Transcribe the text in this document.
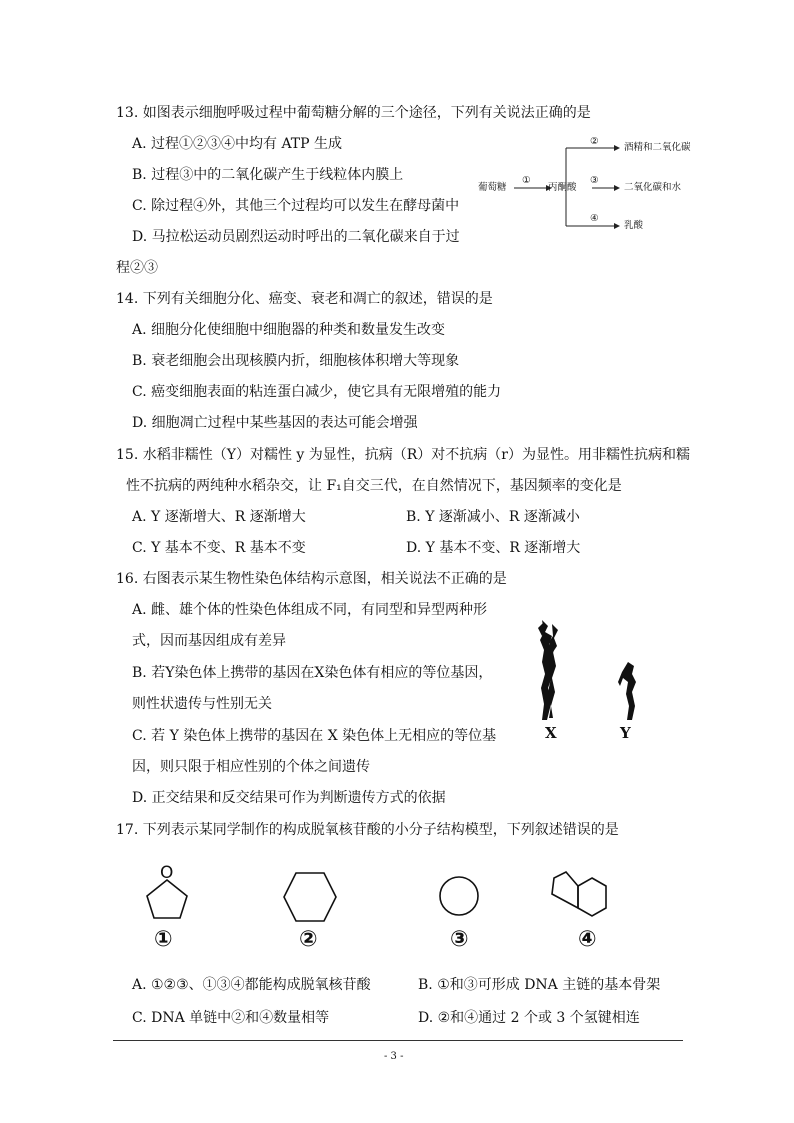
13. 如图表示细胞呼吸过程中葡萄糖分解的三个途径，下列有关说法正确的是
A. 过程①②③④中均有 ATP 生成
B. 过程③中的二氧化碳产生于线粒体内膜上
C. 除过程④外，其他三个过程均可以发生在酵母菌中
D. 马拉松运动员剧烈运动时呼出的二氧化碳来自于过
程②③
葡萄糖	丙酮酸
①
②
③
④
酒精和二氧化碳
二氧化碳和水
乳酸
14. 下列有关细胞分化、癌变、衰老和凋亡的叙述，错误的是
A. 细胞分化使细胞中细胞器的种类和数量发生改变
B. 衰老细胞会出现核膜内折，细胞核体积增大等现象
C. 癌变细胞表面的粘连蛋白减少，使它具有无限增殖的能力
D. 细胞凋亡过程中某些基因的表达可能会增强
15. 水稻非糯性（Y）对糯性 y 为显性，抗病（R）对不抗病（r）为显性。用非糯性抗病和糯
性不抗病的两纯种水稻杂交，让 F₁自交三代，在自然情况下，基因频率的变化是
A. Y 逐渐增大、R 逐渐增大	B. Y 逐渐减小、R 逐渐减小
C. Y 基本不变、R 基本不变	D. Y 基本不变、R 逐渐增大
16. 右图表示某生物性染色体结构示意图，相关说法不正确的是
A. 雌、雄个体的性染色体组成不同，有同型和异型两种形
式，因而基因组成有差异
B. 若Y染色体上携带的基因在X染色体有相应的等位基因，
则性状遗传与性别无关
C. 若 Y 染色体上携带的基因在 X 染色体上无相应的等位基
因，则只限于相应性别的个体之间遗传
D. 正交结果和反交结果可作为判断遗传方式的依据
X	Y
17. 下列表示某同学制作的构成脱氧核苷酸的小分子结构模型，下列叙述错误的是
O
①	②	③	④
A. ①②③、①③④都能构成脱氧核苷酸	B. ①和③可形成 DNA 主链的基本骨架
C. DNA 单链中②和④数量相等	D. ②和④通过 2 个或 3 个氢键相连
- 3 -
